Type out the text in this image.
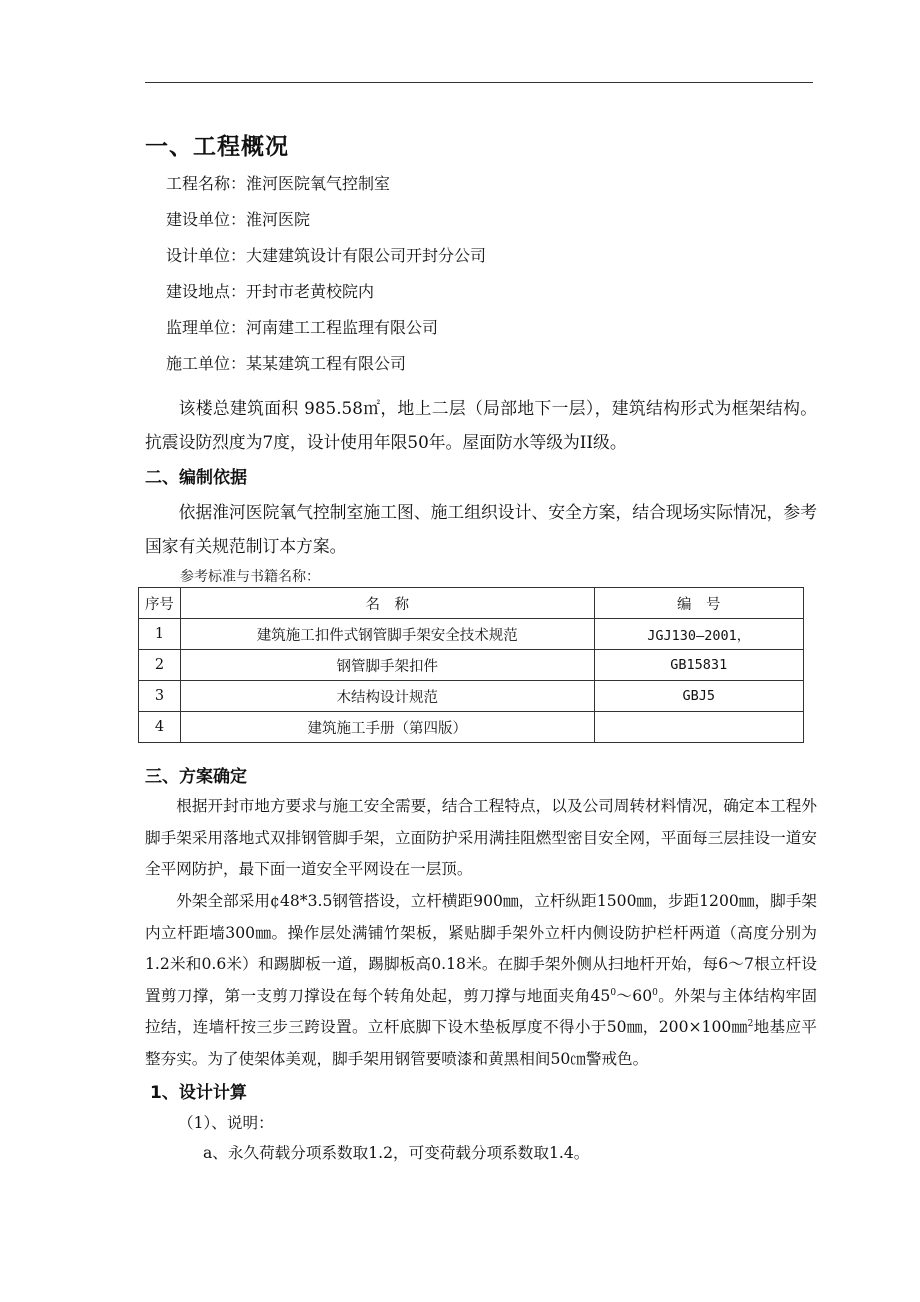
一、工程概况
工程名称：淮河医院氧气控制室
建设单位：淮河医院
设计单位：大建建筑设计有限公司开封分公司
建设地点：开封市老黄校院内
监理单位：河南建工工程监理有限公司
施工单位：某某建筑工程有限公司

该楼总建筑面积 985.58㎡，地上二层（局部地下一层），建筑结构形式为框架结构。抗震设防烈度为7度，设计使用年限50年。屋面防水等级为II级。

二、编制依据

依据淮河医院氧气控制室施工图、施工组织设计、安全方案，结合现场实际情况，参考国家有关规范制订本方案。

参考标准与书籍名称：
序号	名　称	编　号
1	建筑施工扣件式钢管脚手架安全技术规范	JGJ130—2001，
2	钢管脚手架扣件	GB15831
3	木结构设计规范	GBJ5
4	建筑施工手册（第四版）	
三、方案确定

根据开封市地方要求与施工安全需要，结合工程特点，以及公司周转材料情况，确定本工程外脚手架采用落地式双排钢管脚手架，立面防护采用满挂阻燃型密目安全网，平面每三层挂设一道安全平网防护，最下面一道安全平网设在一层顶。

外架全部采用¢48*3.5钢管搭设，立杆横距900㎜，立杆纵距1500㎜，步距1200㎜，脚手架内立杆距墙300㎜。操作层处满铺竹架板，紧贴脚手架外立杆内侧设防护栏杆两道（高度分别为1.2米和0.6米）和踢脚板一道，踢脚板高0.18米。在脚手架外侧从扫地杆开始，每6～7根立杆设置剪刀撑，第一支剪刀撑设在每个转角处起，剪刀撑与地面夹角$45^0\sim 60^0$。外架与主体结构牢固拉结，连墙杆按三步三跨设置。立杆底脚下设木垫板厚度不得小于50㎜，200×100㎜$^2$地基应平整夯实。为了使架体美观，脚手架用钢管要喷漆和黄黑相间50㎝警戒色。

1、设计计算

（1）、说明：

a、永久荷载分项系数取1.2，可变荷载分项系数取1.4。
